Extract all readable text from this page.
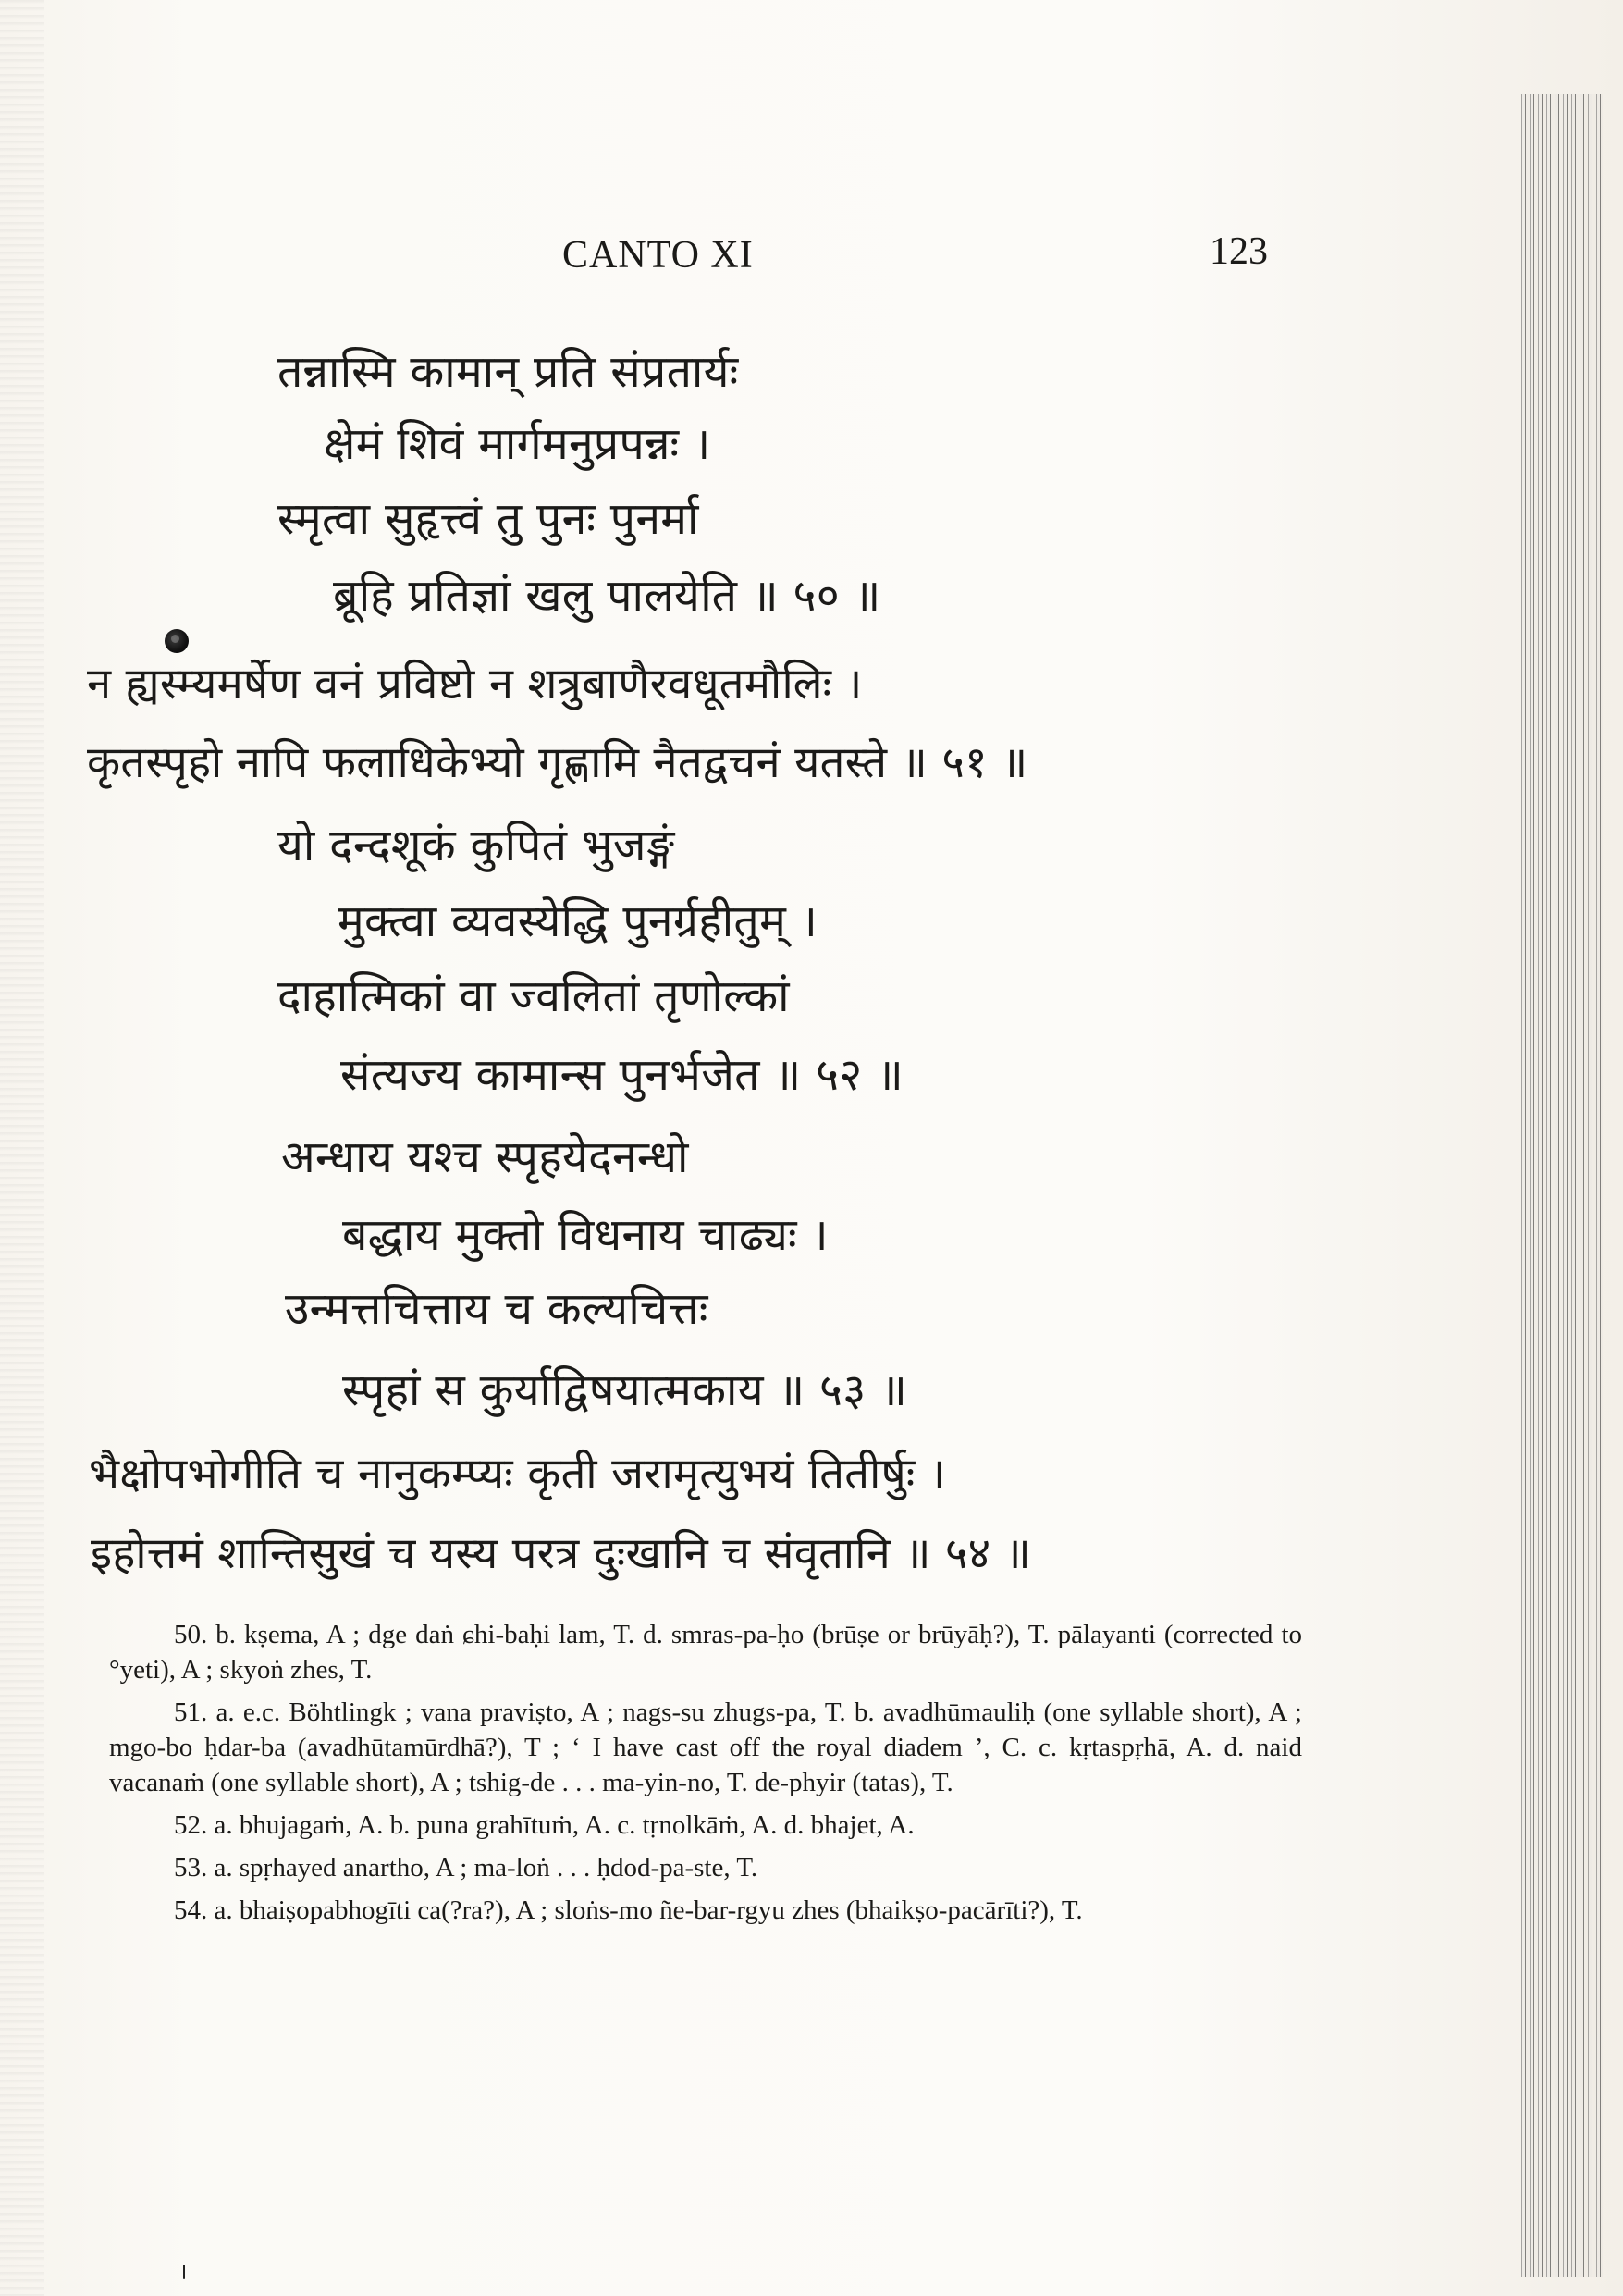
CANTO XI	123
तन्नास्मि कामान् प्रति संप्रतार्यः
क्षेमं शिवं मार्गमनुप्रपन्नः ।
स्मृत्वा सुहृत्त्वं तु पुनः पुनर्मा
ब्रूहि प्रतिज्ञां खलु पालयेति ॥ ५० ॥
न ह्यस्म्यमर्षेण वनं प्रविष्टो न शत्रुबाणैरवधूतमौलिः ।
कृतस्पृहो नापि फलाधिकेभ्यो गृह्णामि नैतद्वचनं यतस्ते ॥ ५१ ॥
यो दन्दशूकं कुपितं भुजङ्गं
मुक्त्वा व्यवस्येद्धि पुनर्ग्रहीतुम् ।
दाहात्मिकां वा ज्वलितां तृणोल्कां
संत्यज्य कामान्स पुनर्भजेत ॥ ५२ ॥
अन्धाय यश्च स्पृहयेदनन्धो
बद्धाय मुक्तो विधनाय चाढ्यः ।
उन्मत्तचित्ताय च कल्यचित्तः
स्पृहां स कुर्याद्विषयात्मकाय ॥ ५३ ॥
भैक्षोपभोगीति च नानुकम्प्यः कृती जरामृत्युभयं तितीर्षुः ।
इहोत्तमं शान्तिसुखं च यस्य परत्र दुःखानि च संवृतानि ॥ ५४ ॥

50. b. kṣema, A ; dge daṅ ɕhi-baḥi lam, T. d. smras-pa-ḥo (brūṣe or brūyāḥ?), T. pālayanti (corrected to °yeti), A ; skyoṅ zhes, T.

51. a. e.c. Böhtlingk ; vana praviṣto, A ; nags-su zhugs-pa, T. b. avadhūmauliḥ (one syllable short), A ; mgo-bo ḥdar-ba (avadhūtamūrdhā?), T ; ‘ I have cast off the royal diadem ’, C. c. kṛtaspṛhā, A. d. naid vacanaṁ (one syllable short), A ; tshig-de . . . ma-yin-no, T. de-phyir (tatas), T.

52. a. bhujagaṁ, A. b. puna grahītuṁ, A. c. tṛnolkāṁ, A. d. bhajet, A.

53. a. spṛhayed anartho, A ; ma-loṅ . . . ḥdod-pa-ste, T.

54. a. bhaiṣopabhogīti ca(?ra?), A ; sloṅs-mo ñe-bar-rgyu zhes (bhaikṣo-pacārīti?), T.
